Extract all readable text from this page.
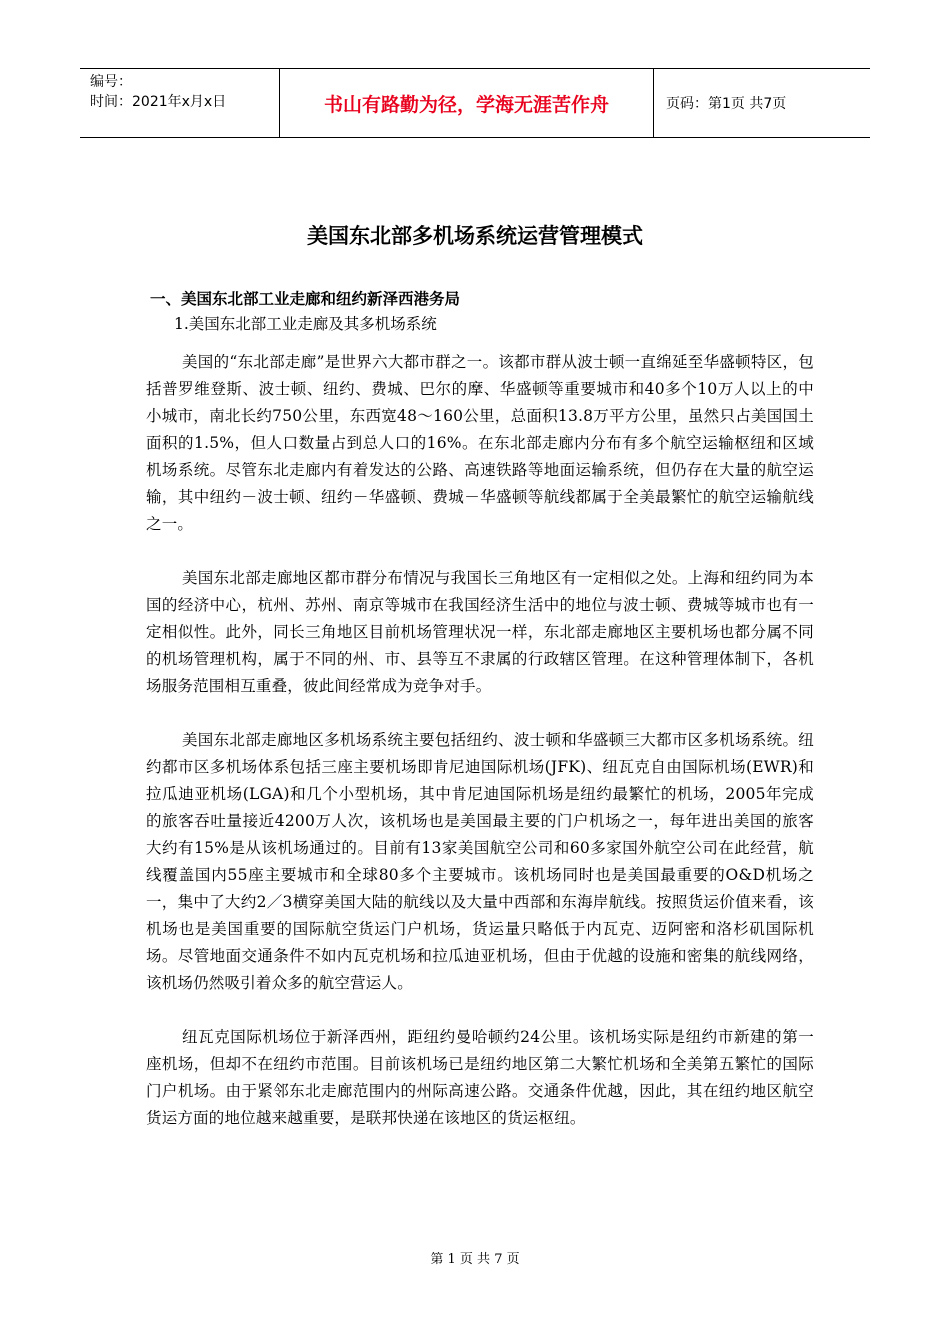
编号：
时间：2021年x月x日	书山有路勤为径，学海无涯苦作舟	页码：第1页 共7页
美国东北部多机场系统运营管理模式
一、美国东北部工业走廊和纽约新泽西港务局
1.美国东北部工业走廊及其多机场系统

美国的“东北部走廊”是世界六大都市群之一。该都市群从波士顿一直绵延至华盛顿特区，包括普罗维登斯、波士顿、纽约、费城、巴尔的摩、华盛顿等重要城市和40多个10万人以上的中小城市，南北长约750公里，东西宽48～160公里，总面积13.8万平方公里，虽然只占美国国土面积的1.5%，但人口数量占到总人口的16%。在东北部走廊内分布有多个航空运输枢纽和区域机场系统。尽管东北走廊内有着发达的公路、高速铁路等地面运输系统，但仍存在大量的航空运输，其中纽约－波士顿、纽约－华盛顿、费城－华盛顿等航线都属于全美最繁忙的航空运输航线之一。

美国东北部走廊地区都市群分布情况与我国长三角地区有一定相似之处。上海和纽约同为本国的经济中心，杭州、苏州、南京等城市在我国经济生活中的地位与波士顿、费城等城市也有一定相似性。此外，同长三角地区目前机场管理状况一样，东北部走廊地区主要机场也都分属不同的机场管理机构，属于不同的州、市、县等互不隶属的行政辖区管理。在这种管理体制下，各机场服务范围相互重叠，彼此间经常成为竞争对手。

美国东北部走廊地区多机场系统主要包括纽约、波士顿和华盛顿三大都市区多机场系统。纽约都市区多机场体系包括三座主要机场即肯尼迪国际机场(JFK)、纽瓦克自由国际机场(EWR)和拉瓜迪亚机场(LGA)和几个小型机场，其中肯尼迪国际机场是纽约最繁忙的机场，2005年完成的旅客吞吐量接近4200万人次，该机场也是美国最主要的门户机场之一，每年进出美国的旅客大约有15%是从该机场通过的。目前有13家美国航空公司和60多家国外航空公司在此经营，航线覆盖国内55座主要城市和全球80多个主要城市。该机场同时也是美国最重要的O&D机场之一，集中了大约2／3横穿美国大陆的航线以及大量中西部和东海岸航线。按照货运价值来看，该机场也是美国重要的国际航空货运门户机场，货运量只略低于内瓦克、迈阿密和洛杉矶国际机场。尽管地面交通条件不如内瓦克机场和拉瓜迪亚机场，但由于优越的设施和密集的航线网络，该机场仍然吸引着众多的航空营运人。

纽瓦克国际机场位于新泽西州，距纽约曼哈顿约24公里。该机场实际是纽约市新建的第一座机场，但却不在纽约市范围。目前该机场已是纽约地区第二大繁忙机场和全美第五繁忙的国际门户机场。由于紧邻东北走廊范围内的州际高速公路。交通条件优越，因此，其在纽约地区航空货运方面的地位越来越重要，是联邦快递在该地区的货运枢纽。

第 1 页 共 7 页
